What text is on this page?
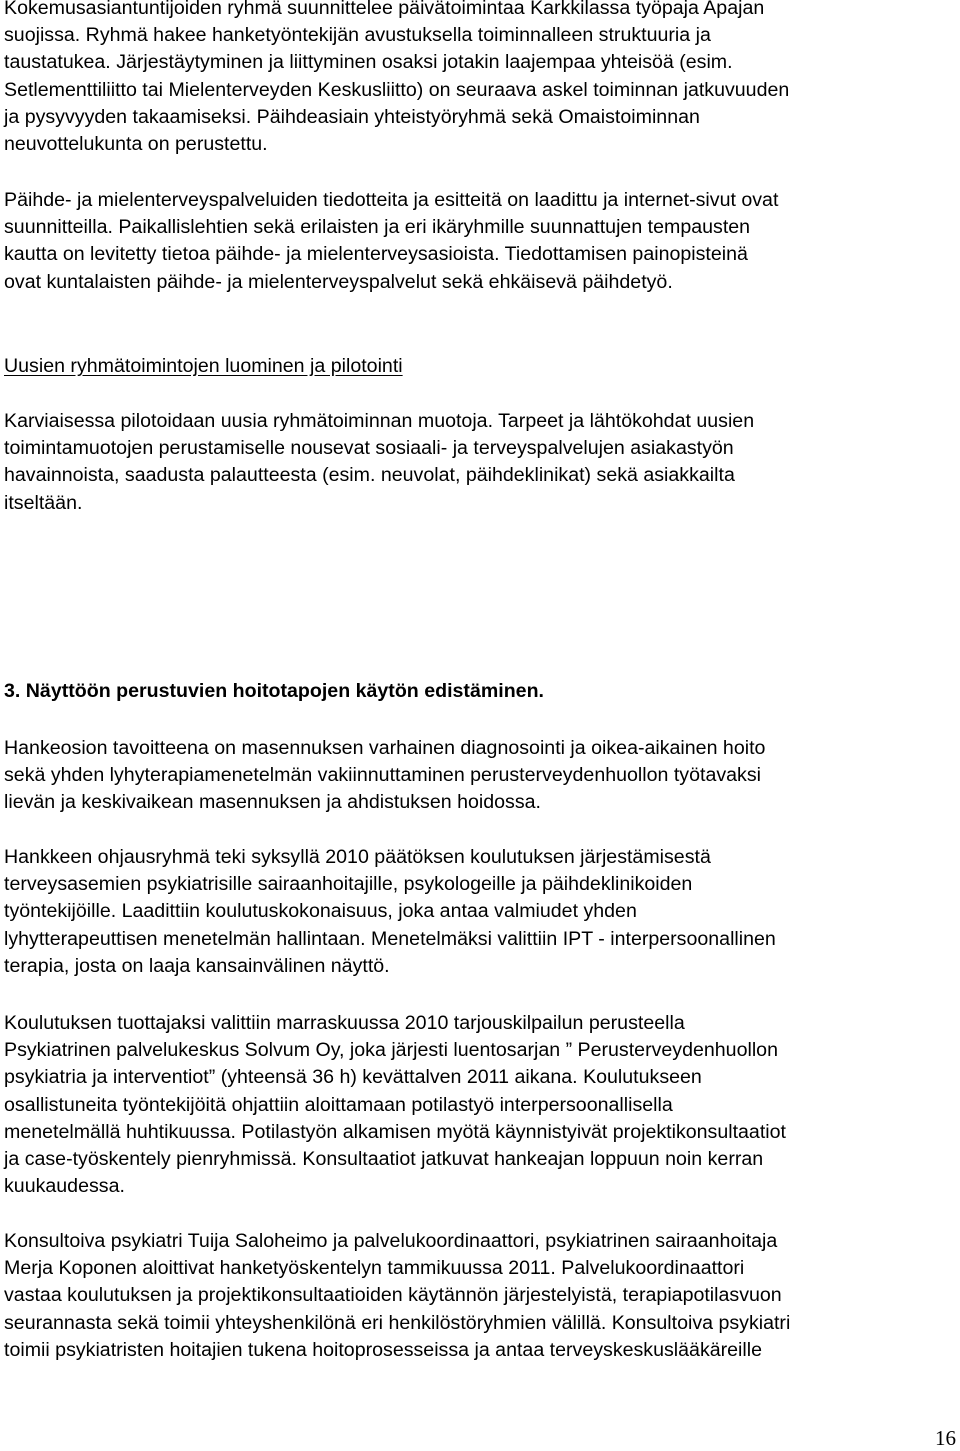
Kokemusasiantuntijoiden ryhmä suunnittelee päivätoimintaa Karkkilassa työpaja Apajan
suojissa. Ryhmä hakee hanketyöntekijän avustuksella toiminnalleen struktuuria ja
taustatukea. Järjestäytyminen ja liittyminen osaksi jotakin laajempaa yhteisöä (esim.
Setlementtiliitto tai Mielenterveyden Keskusliitto) on seuraava askel toiminnan jatkuvuuden
ja pysyvyyden takaamiseksi. Päihdeasiain yhteistyöryhmä sekä Omaistoiminnan
neuvottelukunta on perustettu.
Päihde- ja mielenterveyspalveluiden tiedotteita ja esitteitä on laadittu ja internet-sivut ovat
suunnitteilla. Paikallislehtien sekä erilaisten ja eri ikäryhmille suunnattujen tempausten
kautta on levitetty tietoa päihde- ja mielenterveysasioista. Tiedottamisen painopisteinä
ovat kuntalaisten päihde- ja mielenterveyspalvelut sekä ehkäisevä päihdetyö.
Uusien ryhmätoimintojen luominen ja pilotointi
Karviaisessa pilotoidaan uusia ryhmätoiminnan muotoja. Tarpeet ja lähtökohdat uusien
toimintamuotojen perustamiselle nousevat sosiaali- ja terveyspalvelujen asiakastyön
havainnoista, saadusta palautteesta (esim. neuvolat, päihdeklinikat) sekä asiakkailta
itseltään.
3. Näyttöön perustuvien hoitotapojen käytön edistäminen.
Hankeosion tavoitteena on masennuksen varhainen diagnosointi ja oikea-aikainen hoito
sekä yhden lyhyterapiamenetelmän vakiinnuttaminen perusterveydenhuollon työtavaksi
lievän ja keskivaikean masennuksen ja ahdistuksen hoidossa.
Hankkeen ohjausryhmä teki syksyllä 2010 päätöksen koulutuksen järjestämisestä
terveysasemien psykiatrisille sairaanhoitajille, psykologeille ja päihdeklinikoiden
työntekijöille. Laadittiin koulutuskokonaisuus, joka antaa valmiudet yhden
lyhytterapeuttisen menetelmän hallintaan. Menetelmäksi valittiin IPT - interpersoonallinen
terapia, josta on laaja kansainvälinen näyttö.
Koulutuksen tuottajaksi valittiin marraskuussa 2010 tarjouskilpailun perusteella
Psykiatrinen palvelukeskus Solvum Oy, joka järjesti luentosarjan ” Perusterveydenhuollon
psykiatria ja interventiot” (yhteensä 36 h) kevättalven 2011 aikana. Koulutukseen
osallistuneita työntekijöitä ohjattiin aloittamaan potilastyö interpersoonallisella
menetelmällä huhtikuussa. Potilastyön alkamisen myötä käynnistyivät projektikonsultaatiot
ja case-työskentely pienryhmissä. Konsultaatiot jatkuvat hankeajan loppuun noin kerran
kuukaudessa.
Konsultoiva psykiatri Tuija Saloheimo ja palvelukoordinaattori, psykiatrinen sairaanhoitaja
Merja Koponen aloittivat hanketyöskentelyn tammikuussa 2011. Palvelukoordinaattori
vastaa koulutuksen ja projektikonsultaatioiden käytännön järjestelyistä, terapiapotilasvuon
seurannasta sekä toimii yhteyshenkilönä eri henkilöstöryhmien välillä. Konsultoiva psykiatri
toimii psykiatristen hoitajien tukena hoitoprosesseissa ja antaa terveyskeskuslääkäreille
16
